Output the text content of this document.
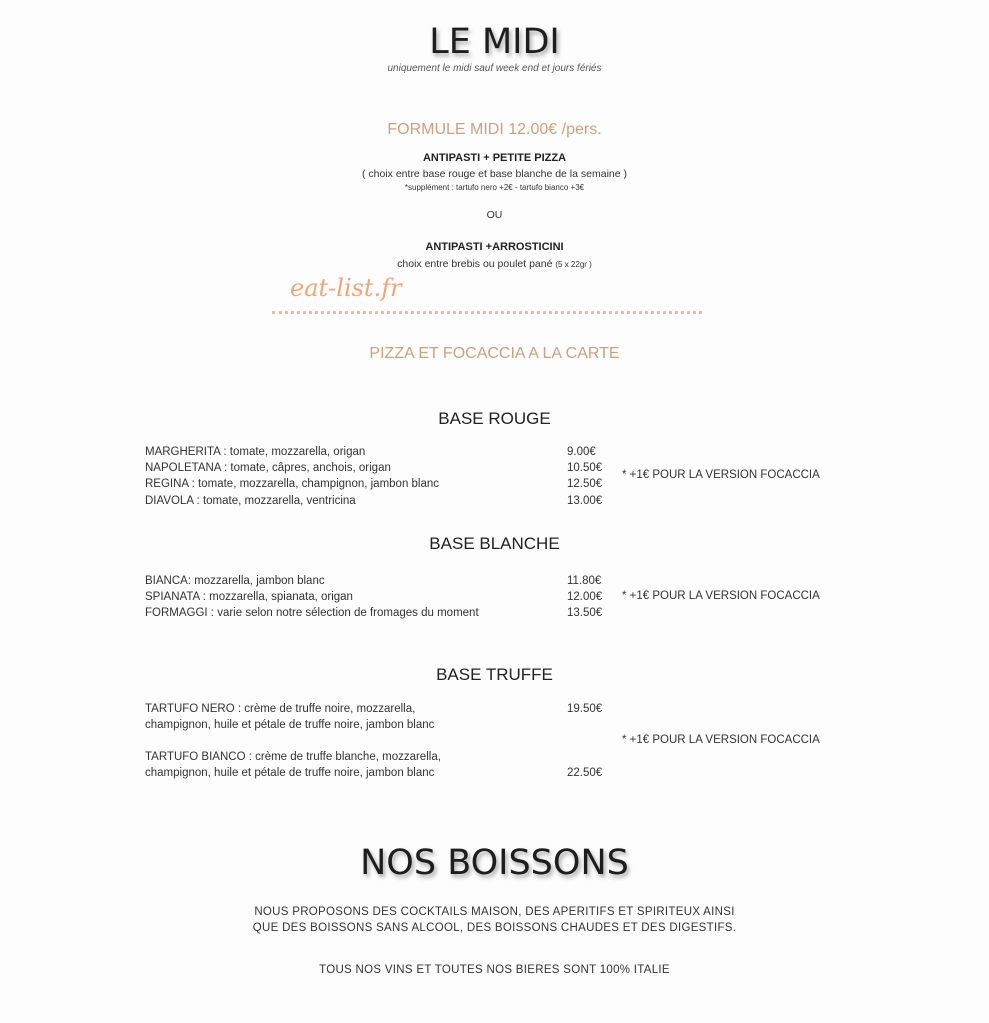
LE MIDI
uniquement le midi sauf week end et jours fériés
FORMULE MIDI 12.00€ /pers.
ANTIPASTI + PETITE PIZZA
( choix entre base rouge et base blanche de la semaine )
*supplément : tartufo nero +2€ - tartufo bianco +3€
OU
ANTIPASTI +ARROSTICINI
choix entre brebis ou poulet pané (5 x 22gr )
eat-list.fr
PIZZA ET FOCACCIA A LA CARTE
BASE ROUGE
MARGHERITA : tomate, mozzarella, origan	9.00€
NAPOLETANA : tomate, câpres, anchois, origan	10.50€
REGINA : tomate, mozzarella, champignon, jambon blanc	12.50€
DIAVOLA : tomate, mozzarella, ventricina	13.00€
* +1€ POUR LA VERSION FOCACCIA
BASE BLANCHE
BIANCA: mozzarella, jambon blanc	11.80€
SPIANATA : mozzarella, spianata, origan	12.00€
FORMAGGI : varie selon notre sélection de fromages du moment	13.50€
* +1€ POUR LA VERSION FOCACCIA
BASE TRUFFE
TARTUFO NERO : crème de truffe noire, mozzarella,	19.50€
champignon, huile et pétale de truffe noire, jambon blanc
TARTUFO BIANCO : crème de truffe blanche, mozzarella,
champignon, huile et pétale de truffe noire, jambon blanc	22.50€
* +1€ POUR LA VERSION FOCACCIA
NOS BOISSONS
NOUS PROPOSONS DES COCKTAILS MAISON, DES APERITIFS ET SPIRITEUX AINSI
QUE DES BOISSONS SANS ALCOOL, DES BOISSONS CHAUDES ET DES DIGESTIFS.
TOUS NOS VINS ET TOUTES NOS BIERES SONT 100% ITALIE
